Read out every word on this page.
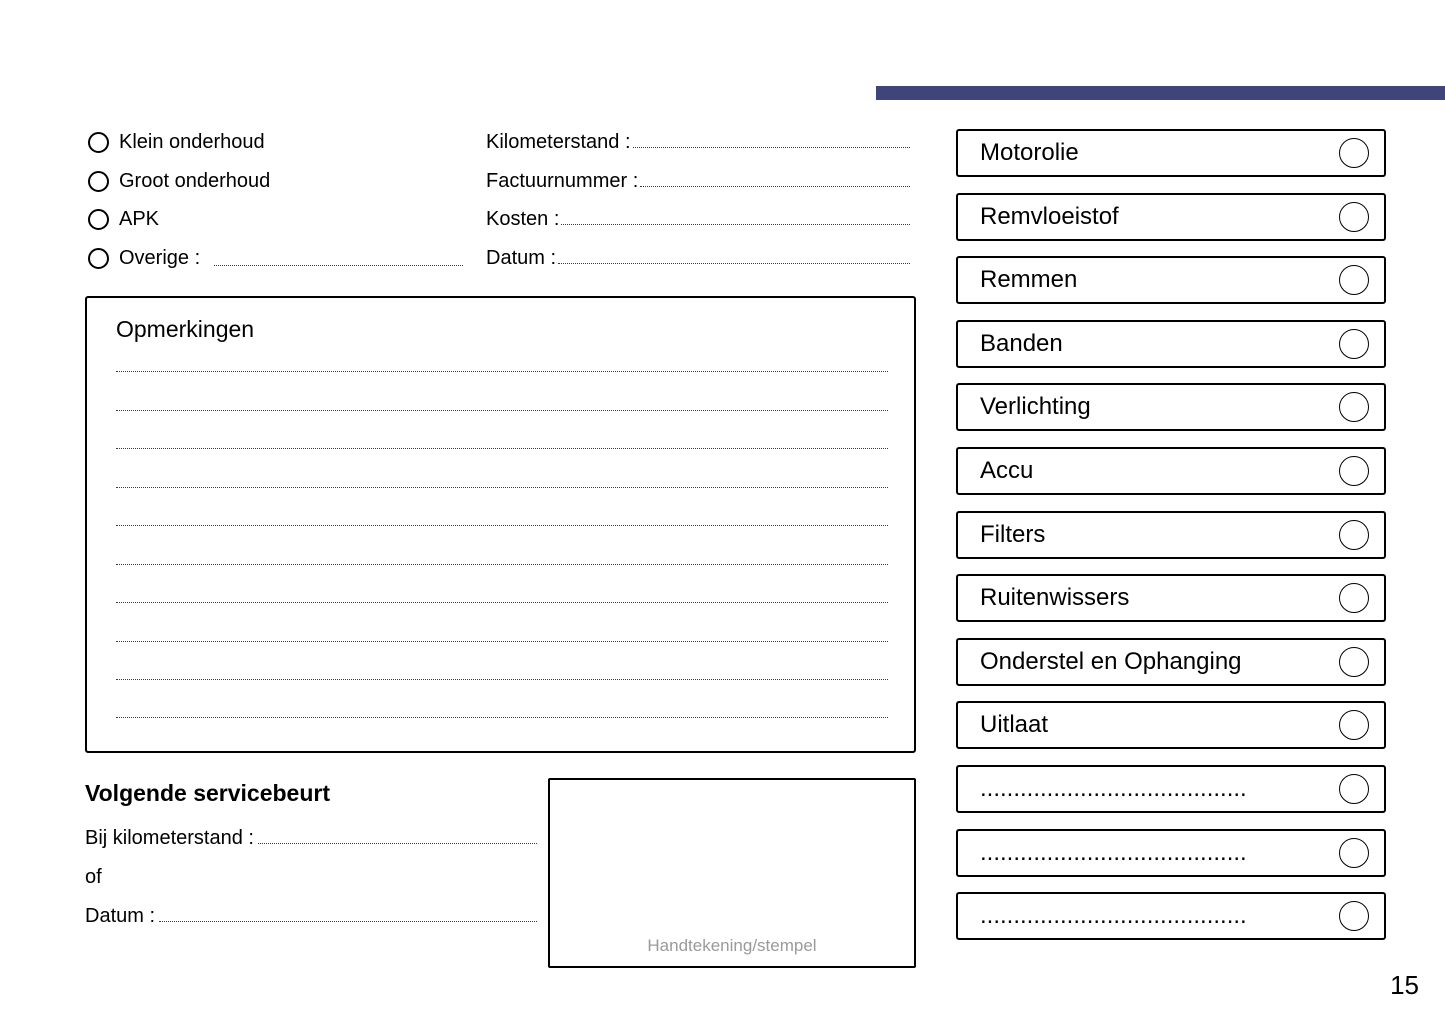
Klein onderhoud
Groot onderhoud
APK
Overige :
Kilometerstand :
Factuurnummer :
Kosten :
Datum :
Opmerkingen
Volgende servicebeurt
Bij kilometerstand :
of
Datum :
Handtekening/stempel
Motorolie
Remvloeistof
Remmen
Banden
Verlichting
Accu
Filters
Ruitenwissers
Onderstel en Ophanging
Uitlaat
........................................
........................................
........................................
15
